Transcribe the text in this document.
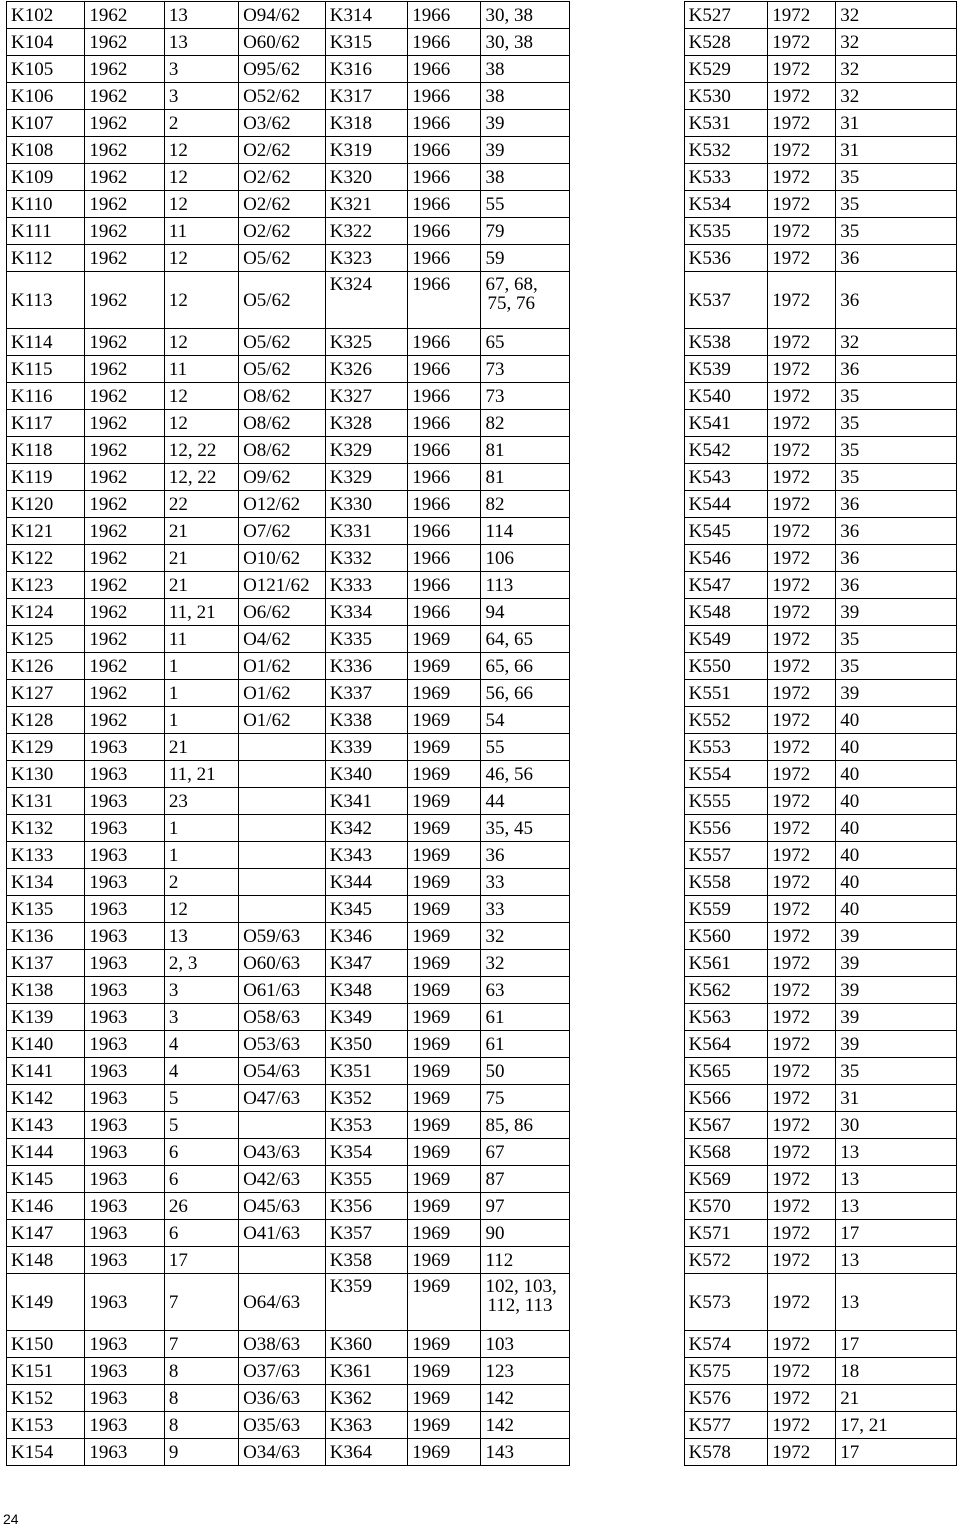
K102	1962	13	O94/62	K314	1966	30, 38		K527	1972	32
K104	1962	13	O60/62	K315	1966	30, 38		K528	1972	32
K105	1962	3	O95/62	K316	1966	38		K529	1972	32
K106	1962	3	O52/62	K317	1966	38		K530	1972	32
K107	1962	2	O3/62	K318	1966	39		K531	1972	31
K108	1962	12	O2/62	K319	1966	39		K532	1972	31
K109	1962	12	O2/62	K320	1966	38		K533	1972	35
K110	1962	12	O2/62	K321	1966	55		K534	1972	35
K111	1962	11	O2/62	K322	1966	79		K535	1972	35
K112	1962	12	O5/62	K323	1966	59		K536	1972	36
K113	1962	12	O5/62	K324	1966	67, 68,
75, 76		K537	1972	36
K114	1962	12	O5/62	K325	1966	65		K538	1972	32
K115	1962	11	O5/62	K326	1966	73		K539	1972	36
K116	1962	12	O8/62	K327	1966	73		K540	1972	35
K117	1962	12	O8/62	K328	1966	82		K541	1972	35
K118	1962	12, 22	O8/62	K329	1966	81		K542	1972	35
K119	1962	12, 22	O9/62	K329	1966	81		K543	1972	35
K120	1962	22	O12/62	K330	1966	82		K544	1972	36
K121	1962	21	O7/62	K331	1966	114		K545	1972	36
K122	1962	21	O10/62	K332	1966	106		K546	1972	36
K123	1962	21	O121/62	K333	1966	113		K547	1972	36
K124	1962	11, 21	O6/62	K334	1966	94		K548	1972	39
K125	1962	11	O4/62	K335	1969	64, 65		K549	1972	35
K126	1962	1	O1/62	K336	1969	65, 66		K550	1972	35
K127	1962	1	O1/62	K337	1969	56, 66		K551	1972	39
K128	1962	1	O1/62	K338	1969	54		K552	1972	40
K129	1963	21		K339	1969	55		K553	1972	40
K130	1963	11, 21		K340	1969	46, 56		K554	1972	40
K131	1963	23		K341	1969	44		K555	1972	40
K132	1963	1		K342	1969	35, 45		K556	1972	40
K133	1963	1		K343	1969	36		K557	1972	40
K134	1963	2		K344	1969	33		K558	1972	40
K135	1963	12		K345	1969	33		K559	1972	40
K136	1963	13	O59/63	K346	1969	32		K560	1972	39
K137	1963	2, 3	O60/63	K347	1969	32		K561	1972	39
K138	1963	3	O61/63	K348	1969	63		K562	1972	39
K139	1963	3	O58/63	K349	1969	61		K563	1972	39
K140	1963	4	O53/63	K350	1969	61		K564	1972	39
K141	1963	4	O54/63	K351	1969	50		K565	1972	35
K142	1963	5	O47/63	K352	1969	75		K566	1972	31
K143	1963	5		K353	1969	85, 86		K567	1972	30
K144	1963	6	O43/63	K354	1969	67		K568	1972	13
K145	1963	6	O42/63	K355	1969	87		K569	1972	13
K146	1963	26	O45/63	K356	1969	97		K570	1972	13
K147	1963	6	O41/63	K357	1969	90		K571	1972	17
K148	1963	17		K358	1969	112		K572	1972	13
K149	1963	7	O64/63	K359	1969	102, 103,
112, 113		K573	1972	13
K150	1963	7	O38/63	K360	1969	103		K574	1972	17
K151	1963	8	O37/63	K361	1969	123		K575	1972	18
K152	1963	8	O36/63	K362	1969	142		K576	1972	21
K153	1963	8	O35/63	K363	1969	142		K577	1972	17, 21
K154	1963	9	O34/63	K364	1969	143		K578	1972	17
24
